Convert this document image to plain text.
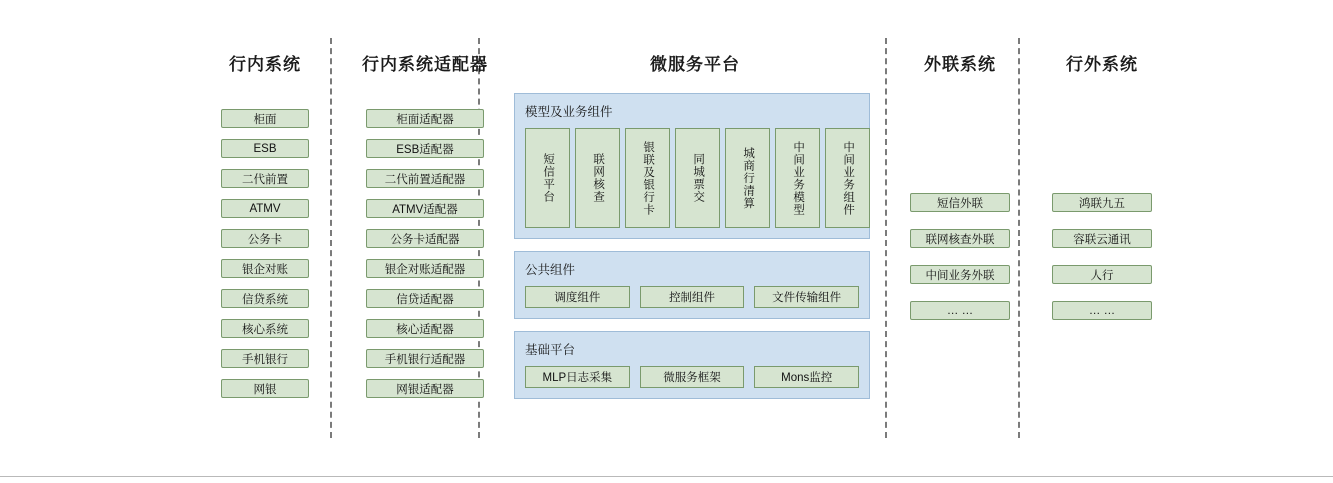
行内系统
柜面
ESB
二代前置
ATMV
公务卡
银企对账
信贷系统
核心系统
手机银行
网银
行内系统适配器
柜面适配器
ESB适配器
二代前置适配器
ATMV适配器
公务卡适配器
银企对账适配器
信贷适配器
核心适配器
手机银行适配器
网银适配器
微服务平台
模型及业务组件
短信平台	联网核查	银联及银行卡	同城票交	城商行清算	中间业务模型	中间业务组件
公共组件
调度组件	控制组件	文件传输组件
基础平台
MLP日志采集	微服务框架	Mons监控
外联系统
短信外联
联网核查外联
中间业务外联
… …
行外系统
鸿联九五
容联云通讯
人行
… …
